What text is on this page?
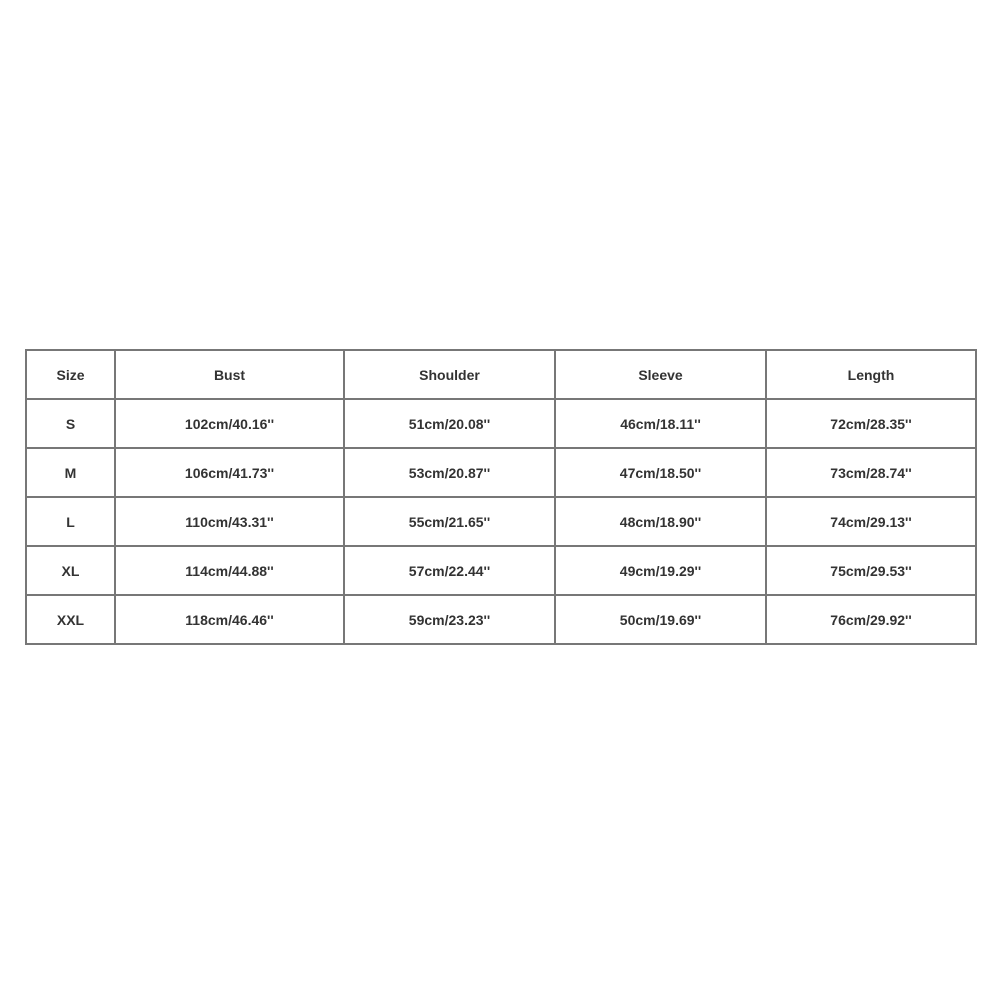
Size	Bust	Shoulder	Sleeve	Length
S	102cm/40.16''	51cm/20.08''	46cm/18.11''	72cm/28.35''
M	106cm/41.73''	53cm/20.87''	47cm/18.50''	73cm/28.74''
L	110cm/43.31''	55cm/21.65''	48cm/18.90''	74cm/29.13''
XL	114cm/44.88''	57cm/22.44''	49cm/19.29''	75cm/29.53''
XXL	118cm/46.46''	59cm/23.23''	50cm/19.69''	76cm/29.92''
